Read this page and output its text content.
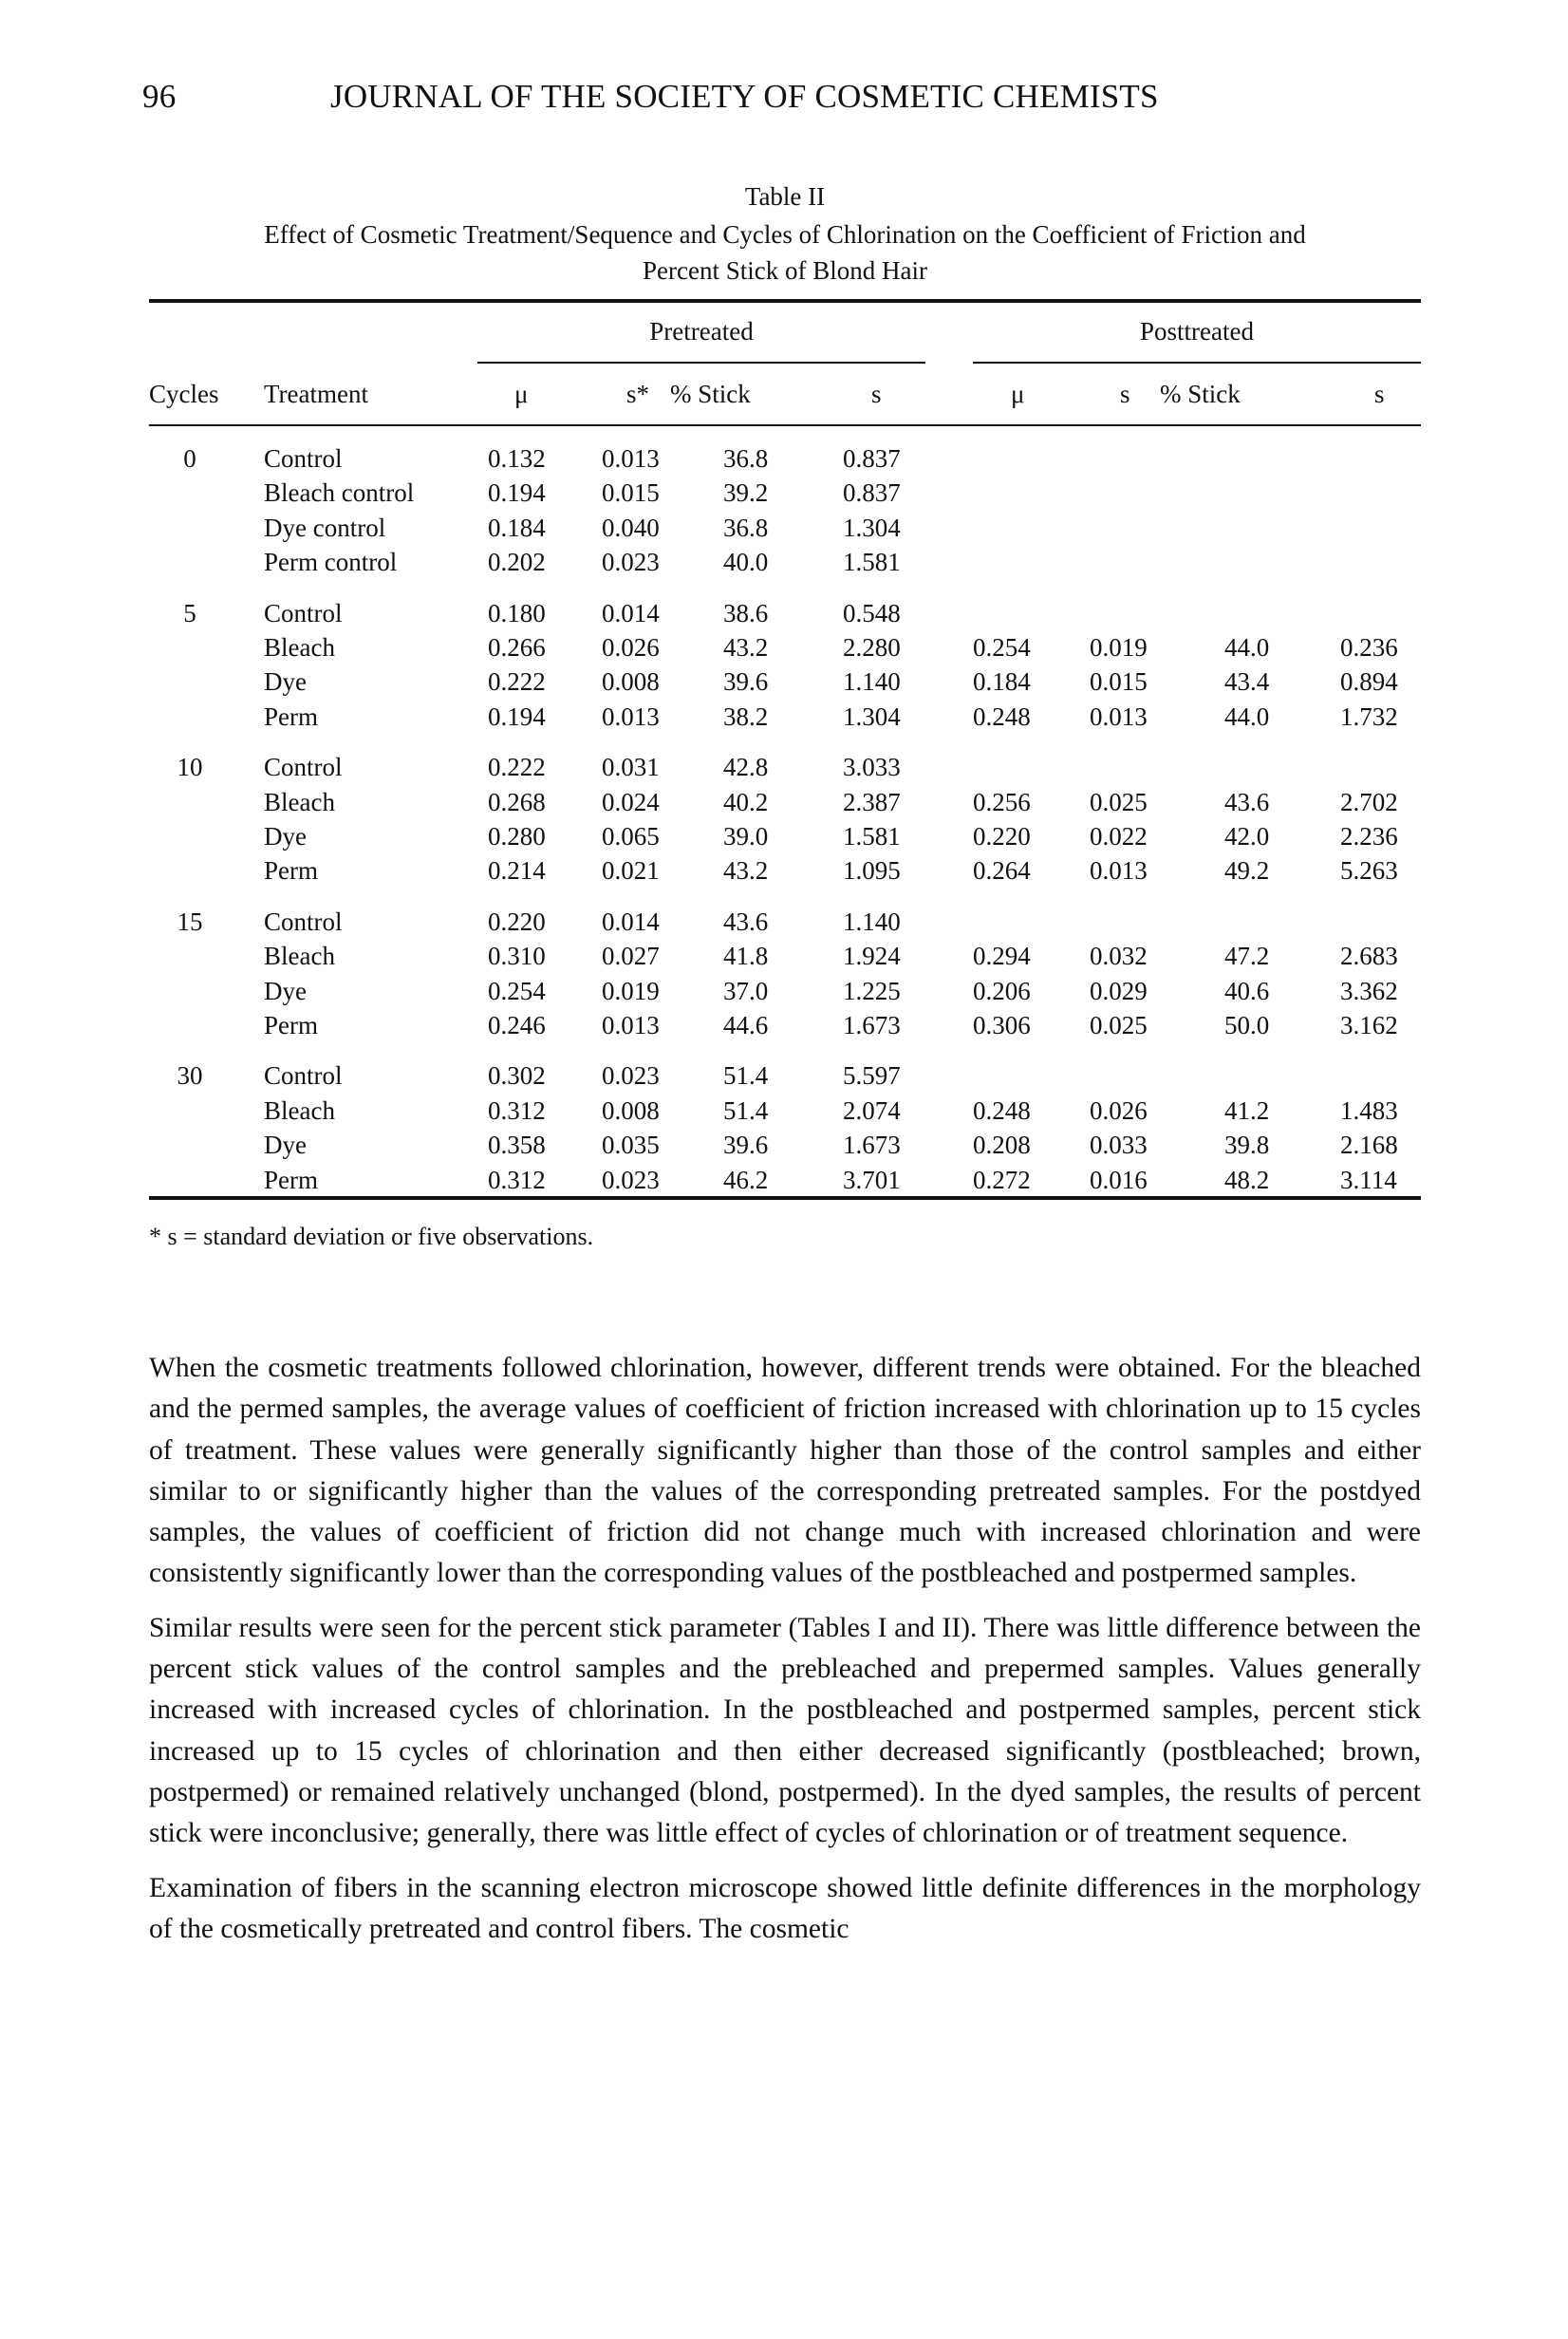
96	JOURNAL OF THE SOCIETY OF COSMETIC CHEMISTS
Table II
Effect of Cosmetic Treatment/Sequence and Cycles of Chlorination on the Coefficient of Friction and
Percent Stick of Blond Hair
Pretreated	Posttreated
Cycles Treatment	μ	s* % Stick	s	μ	s % Stick	s
0	Control	0.132 0.013 36.8	0.837
Bleach control	0.194 0.015 39.2	0.837
Dye control	0.184 0.040 36.8	1.304
Perm control	0.202 0.023 40.0	1.581
5	Control	0.180 0.014 38.6	0.548
Bleach	0.266 0.026 43.2	2.280	0.254 0.019	44.0	0.236
Dye	0.222 0.008 39.6	1.140	0.184 0.015	43.4	0.894
Perm	0.194 0.013 38.2	1.304	0.248 0.013	44.0	1.732
10 Control	0.222 0.031 42.8	3.033
Bleach	0.268 0.024 40.2	2.387	0.256 0.025	43.6	2.702
Dye	0.280 0.065 39.0	1.581	0.220 0.022	42.0	2.236
Perm	0.214 0.021 43.2	1.095	0.264 0.013	49.2	5.263
15 Control	0.220 0.014 43.6	1.140
Bleach	0.310 0.027 41.8	1.924	0.294 0.032	47.2	2.683
Dye	0.254 0.019 37.0	1.225	0.206 0.029	40.6	3.362
Perm	0.246 0.013 44.6	1.673	0.306 0.025	50.0	3.162
30 Control	0.302 0.023 51.4	5.597
Bleach	0.312 0.008 51.4	2.074	0.248 0.026	41.2	1.483
Dye	0.358 0.035 39.6	1.673	0.208 0.033	39.8	2.168
Perm	0.312 0.023 46.2	3.701	0.272 0.016	48.2	3.114
* s = standard deviation or five observations.

When the cosmetic treatments followed chlorination, however, different trends were obtained. For the bleached and the permed samples, the average values of coefficient of friction increased with chlorination up to 15 cycles of treatment. These values were generally significantly higher than those of the control samples and either similar to or significantly higher than the values of the corresponding pretreated samples. For the postdyed samples, the values of coefficient of friction did not change much with increased chlorination and were consistently significantly lower than the corresponding values of the postbleached and postpermed samples.

Similar results were seen for the percent stick parameter (Tables I and II). There was little difference between the percent stick values of the control samples and the prebleached and prepermed samples. Values generally increased with increased cycles of chlorination. In the postbleached and postpermed samples, percent stick increased up to 15 cycles of chlorination and then either decreased significantly (postbleached; brown, postpermed) or remained relatively unchanged (blond, postpermed). In the dyed samples, the results of percent stick were inconclusive; generally, there was little effect of cycles of chlorination or of treatment sequence.

Examination of fibers in the scanning electron microscope showed little definite differences in the morphology of the cosmetically pretreated and control fibers. The cosmetic
